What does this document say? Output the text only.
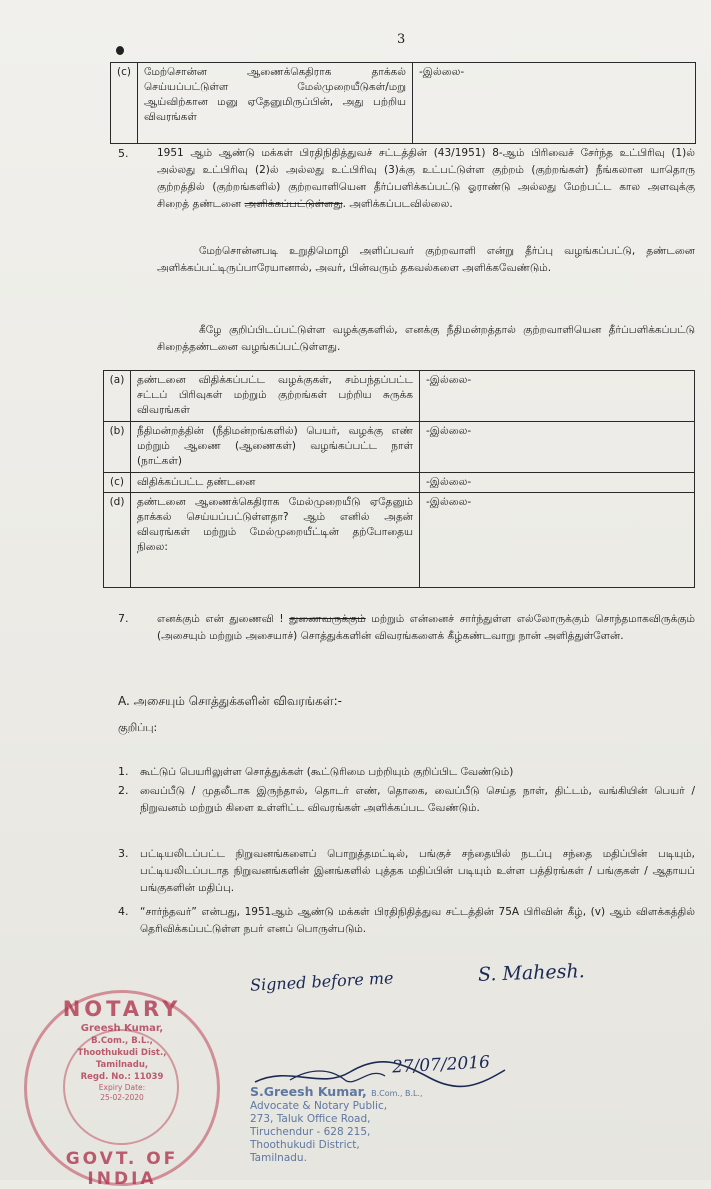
3
(c)	மேற்சொன்ன ஆணைக்கெதிராக தாக்கல் செய்யப்பட்டுள்ள மேல்முறையீடுகள்/மறு ஆய்விற்கான மனு ஏதேனுமிருப்பின், அது பற்றிய விவரங்கள்	-இல்லை-
5.	1951 ஆம் ஆண்டு மக்கள் பிரதிநிதித்துவச் சட்டத்தின் (43/1951) 8-ஆம் பிரிவைச் சேர்ந்த உட்பிரிவு (1)ல் அல்லது உட்பிரிவு (2)ல் அல்லது உட்பிரிவு (3)க்கு உட்பட்டுள்ள குற்றம் (குற்றங்கள்) நீங்கலான யாதொரு குற்றத்தில் (குற்றங்களில்) குற்றவாளியென தீர்ப்பளிக்கப்பட்டு ஓராண்டு அல்லது மேற்பட்ட கால அளவுக்கு சிறைத் தண்டனை அளிக்கப்பட்டுள்ளது. அளிக்கப்படவில்லை.
மேற்சொன்னபடி உறுதிமொழி அளிப்பவர் குற்றவாளி என்று தீர்ப்பு வழங்கப்பட்டு, தண்டனை அளிக்கப்பட்டிருப்பாரேயானால், அவர், பின்வரும் தகவல்களை அளிக்கவேண்டும்.
கீழே குறிப்பிடப்பட்டுள்ள வழக்குகளில், எனக்கு நீதிமன்றத்தால் குற்றவாளியென தீர்ப்பளிக்கப்பட்டு சிறைத்தண்டனை வழங்கப்பட்டுள்ளது.
(a)	தண்டனை விதிக்கப்பட்ட வழக்குகள், சம்பந்தப்பட்ட சட்டப் பிரிவுகள் மற்றும் குற்றங்கள் பற்றிய சுருக்க விவரங்கள்	-இல்லை-
(b)	நீதிமன்றத்தின் (நீதிமன்றங்களில்) பெயர், வழக்கு எண் மற்றும் ஆணை (ஆணைகள்) வழங்கப்பட்ட நாள் (நாட்கள்)	-இல்லை-
(c)	விதிக்கப்பட்ட தண்டனை	-இல்லை-
(d)	தண்டனை ஆணைக்கெதிராக மேல்முறையீடு ஏதேனும் தாக்கல் செய்யப்பட்டுள்ளதா? ஆம் எனில் அதன் விவரங்கள் மற்றும் மேல்முறையீட்டின் தற்போதைய நிலை:	-இல்லை-
7.	எனக்கும் என் துணைவி ! துணைவருக்கும் மற்றும் என்னைச் சார்ந்துள்ள எல்லோருக்கும் சொந்தமாகவிருக்கும் (அசையும் மற்றும் அசையாச்) சொத்துக்களின் விவரங்களைக் கீழ்கண்டவாறு நான் அளித்துள்ளேன்.
A. அசையும் சொத்துக்களின் விவரங்கள்:-
குறிப்பு:
1. கூட்டுப் பெயரிலுள்ள சொத்துக்கள் (கூட்டுரிமை பற்றியும் குறிப்பிட வேண்டும்)
2. வைப்பீடு / முதலீடாக இருந்தால், தொடர் எண், தொகை, வைப்பீடு செய்த நாள், திட்டம், வங்கியின் பெயர் / நிறுவனம் மற்றும் கிளை உள்ளிட்ட விவரங்கள் அளிக்கப்பட வேண்டும்.
3. பட்டியலிடப்பட்ட நிறுவனங்களைப் பொறுத்தமட்டில், பங்குச் சந்தையில் நடப்பு சந்தை மதிப்பின் படியும், பட்டியலிடப்படாத நிறுவனங்களின் இனங்களில் புத்தக மதிப்பின் படியும் உள்ள பத்திரங்கள் / பங்குகள் / ஆதாயப் பங்குகளின் மதிப்பு.
4. “சார்ந்தவர்” என்பது, 1951ஆம் ஆண்டு மக்கள் பிரதிநிதித்துவ சட்டத்தின் 75A பிரிவின் கீழ், (v) ஆம் விளக்கத்தில் தெரிவிக்கப்பட்டுள்ள நபர் எனப் பொருள்படும்.
Signed before me	S. Mahesh.
27/07/2016
NOTARY
Greesh Kumar,
B.Com., B.L.,
Thoothukudi Dist.,
Tamilnadu,
Regd. No.: 11039
Expiry Date:
25-02-2020
GOVT. OF INDIA
S.Greesh Kumar, B.Com., B.L.,
Advocate & Notary Public,
273, Taluk Office Road,
Tiruchendur - 628 215,
Thoothukudi District,
Tamilnadu.
